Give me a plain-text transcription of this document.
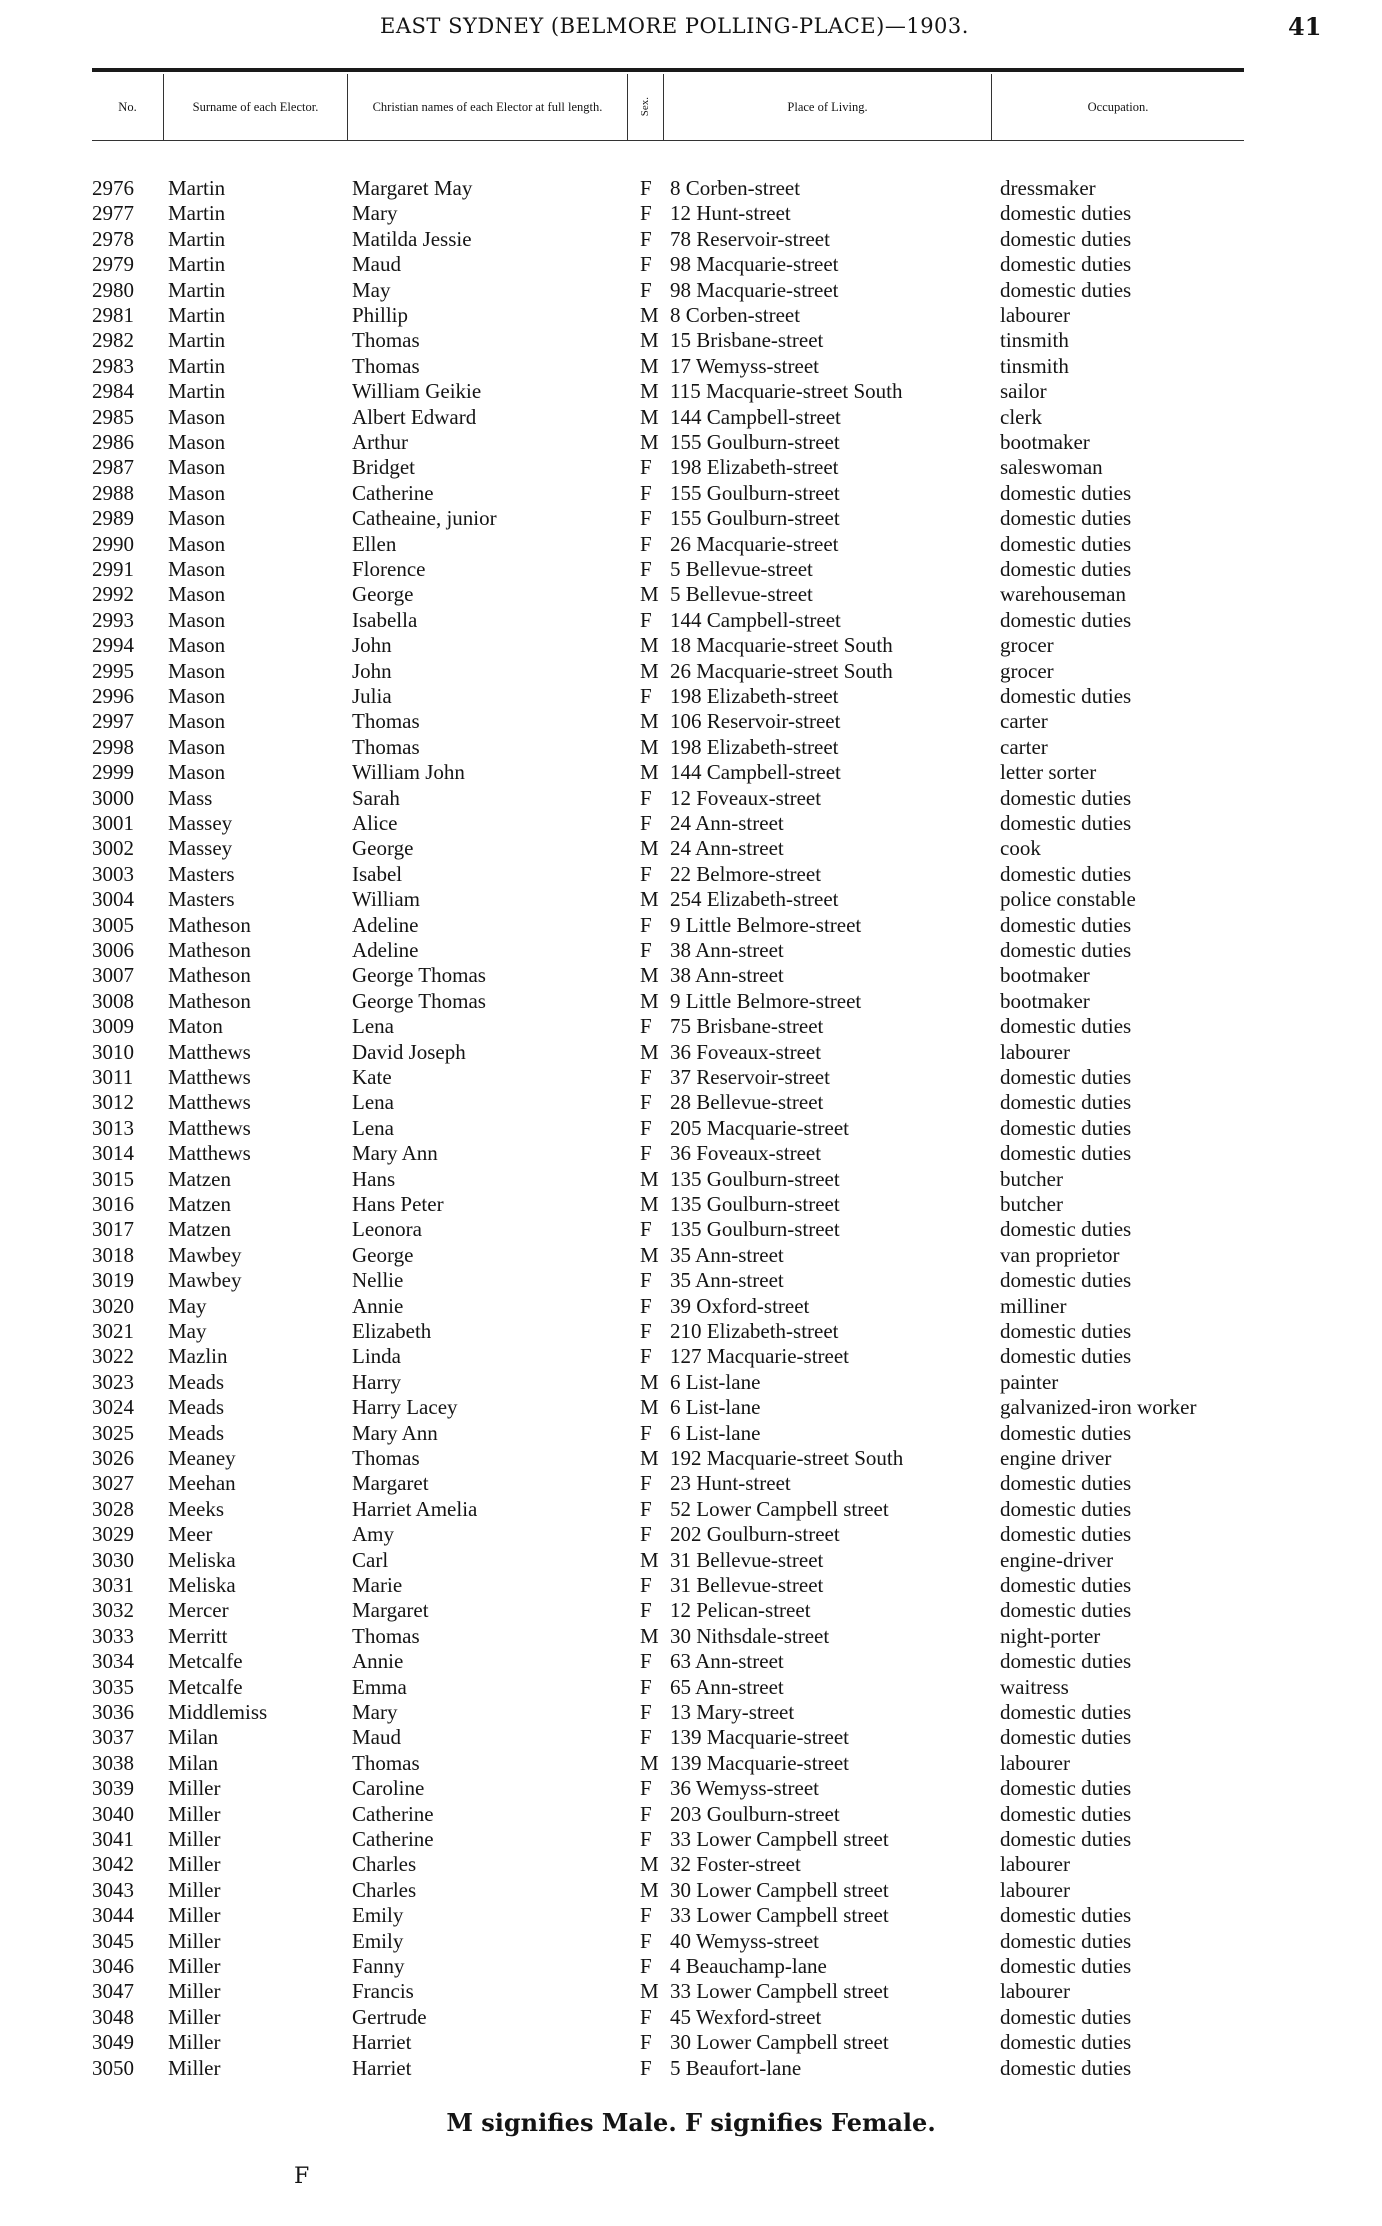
EAST SYDNEY (BELMORE POLLING-PLACE)—1903.	41
No.	Surname of each Elector.	Christian names of each Elector at full length.	Sex.	Place of Living.	Occupation.
2976 Martin	Margaret May	F 8 Corben-street	dressmaker
2977 Martin	Mary	F 12 Hunt-street	domestic duties
2978 Martin	Matilda Jessie	F 78 Reservoir-street	domestic duties
2979 Martin	Maud	F 98 Macquarie-street	domestic duties
2980 Martin	May	F 98 Macquarie-street	domestic duties
2981 Martin	Phillip	M 8 Corben-street	labourer
2982 Martin	Thomas	M 15 Brisbane-street	tinsmith
2983 Martin	Thomas	M 17 Wemyss-street	tinsmith
2984 Martin	William Geikie	M 115 Macquarie-street South	sailor
2985 Mason	Albert Edward	M 144 Campbell-street	clerk
2986 Mason	Arthur	M 155 Goulburn-street	bootmaker
2987 Mason	Bridget	F 198 Elizabeth-street	saleswoman
2988 Mason	Catherine	F 155 Goulburn-street	domestic duties
2989 Mason	Catheaine, junior	F 155 Goulburn-street	domestic duties
2990 Mason	Ellen	F 26 Macquarie-street	domestic duties
2991 Mason	Florence	F 5 Bellevue-street	domestic duties
2992 Mason	George	M 5 Bellevue-street	warehouseman
2993 Mason	Isabella	F 144 Campbell-street	domestic duties
2994 Mason	John	M 18 Macquarie-street South	grocer
2995 Mason	John	M 26 Macquarie-street South	grocer
2996 Mason	Julia	F 198 Elizabeth-street	domestic duties
2997 Mason	Thomas	M 106 Reservoir-street	carter
2998 Mason	Thomas	M 198 Elizabeth-street	carter
2999 Mason	William John	M 144 Campbell-street	letter sorter
3000 Mass	Sarah	F 12 Foveaux-street	domestic duties
3001 Massey	Alice	F 24 Ann-street	domestic duties
3002 Massey	George	M 24 Ann-street	cook
3003 Masters	Isabel	F 22 Belmore-street	domestic duties
3004 Masters	William	M 254 Elizabeth-street	police constable
3005 Matheson	Adeline	F 9 Little Belmore-street	domestic duties
3006 Matheson	Adeline	F 38 Ann-street	domestic duties
3007 Matheson	George Thomas	M 38 Ann-street	bootmaker
3008 Matheson	George Thomas	M 9 Little Belmore-street	bootmaker
3009 Maton	Lena	F 75 Brisbane-street	domestic duties
3010 Matthews	David Joseph	M 36 Foveaux-street	labourer
3011 Matthews	Kate	F 37 Reservoir-street	domestic duties
3012 Matthews	Lena	F 28 Bellevue-street	domestic duties
3013 Matthews	Lena	F 205 Macquarie-street	domestic duties
3014 Matthews	Mary Ann	F 36 Foveaux-street	domestic duties
3015 Matzen	Hans	M 135 Goulburn-street	butcher
3016 Matzen	Hans Peter	M 135 Goulburn-street	butcher
3017 Matzen	Leonora	F 135 Goulburn-street	domestic duties
3018 Mawbey	George	M 35 Ann-street	van proprietor
3019 Mawbey	Nellie	F 35 Ann-street	domestic duties
3020 May	Annie	F 39 Oxford-street	milliner
3021 May	Elizabeth	F 210 Elizabeth-street	domestic duties
3022 Mazlin	Linda	F 127 Macquarie-street	domestic duties
3023 Meads	Harry	M 6 List-lane	painter
3024 Meads	Harry Lacey	M 6 List-lane	galvanized-iron worker
3025 Meads	Mary Ann	F 6 List-lane	domestic duties
3026 Meaney	Thomas	M 192 Macquarie-street South	engine driver
3027 Meehan	Margaret	F 23 Hunt-street	domestic duties
3028 Meeks	Harriet Amelia	F 52 Lower Campbell street	domestic duties
3029 Meer	Amy	F 202 Goulburn-street	domestic duties
3030 Meliska	Carl	M 31 Bellevue-street	engine-driver
3031 Meliska	Marie	F 31 Bellevue-street	domestic duties
3032 Mercer	Margaret	F 12 Pelican-street	domestic duties
3033 Merritt	Thomas	M 30 Nithsdale-street	night-porter
3034 Metcalfe	Annie	F 63 Ann-street	domestic duties
3035 Metcalfe	Emma	F 65 Ann-street	waitress
3036 Middlemiss	Mary	F 13 Mary-street	domestic duties
3037 Milan	Maud	F 139 Macquarie-street	domestic duties
3038 Milan	Thomas	M 139 Macquarie-street	labourer
3039 Miller	Caroline	F 36 Wemyss-street	domestic duties
3040 Miller	Catherine	F 203 Goulburn-street	domestic duties
3041 Miller	Catherine	F 33 Lower Campbell street	domestic duties
3042 Miller	Charles	M 32 Foster-street	labourer
3043 Miller	Charles	M 30 Lower Campbell street	labourer
3044 Miller	Emily	F 33 Lower Campbell street	domestic duties
3045 Miller	Emily	F 40 Wemyss-street	domestic duties
3046 Miller	Fanny	F 4 Beauchamp-lane	domestic duties
3047 Miller	Francis	M 33 Lower Campbell street	labourer
3048 Miller	Gertrude	F 45 Wexford-street	domestic duties
3049 Miller	Harriet	F 30 Lower Campbell street	domestic duties
3050 Miller	Harriet	F 5 Beaufort-lane	domestic duties
M signifies Male. F signifies Female.
F
